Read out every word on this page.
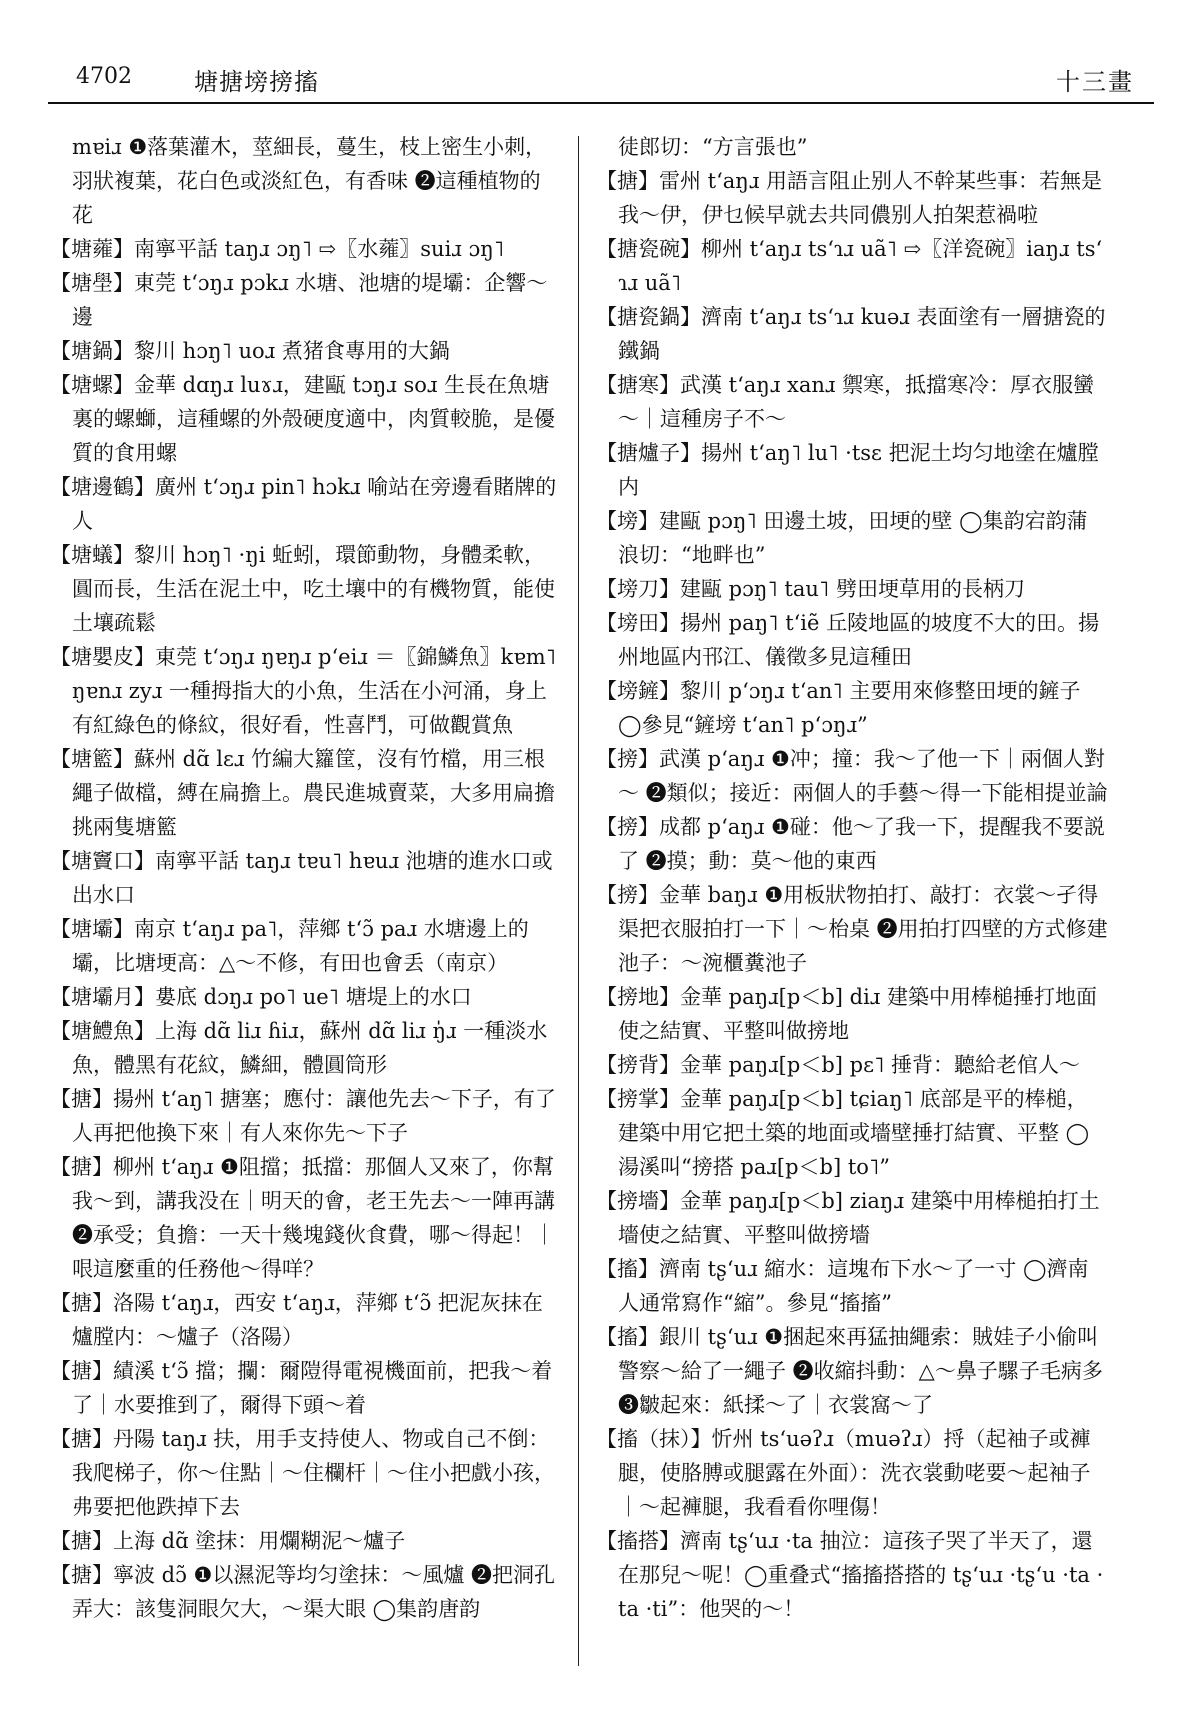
4702	塘搪塝搒搐	十三畫

mɐiɹ ❶落葉灌木，莖細長，蔓生，枝上密生小刺，羽狀複葉，花白色或淡紅色，有香味 ❷這種植物的花

【塘蕹】南寧平話 taŋɹ ɔŋ˥ ⇨〖水蕹〗suiɹ ɔŋ˥

【塘壆】東莞 tʻɔŋɹ pɔkɹ 水塘、池塘的堤壩：企響～邊

【塘鍋】黎川 hɔŋ˥ uoɹ 煮猪食專用的大鍋

【塘螺】金華 dɑŋɹ luɤɹ，建甌 tɔŋɹ soɹ 生長在魚塘裏的螺螄，這種螺的外殼硬度適中，肉質較脆，是優質的食用螺

【塘邊鶴】廣州 tʻɔŋɹ pin˥ hɔkɹ 喻站在旁邊看賭牌的人

【塘蟻】黎川 hɔŋ˥ ·ŋi 蚯蚓，環節動物，身體柔軟，圓而長，生活在泥土中，吃土壤中的有機物質，能使土壤疏鬆

【塘嬰皮】東莞 tʻɔŋɹ ŋɐŋɹ pʻeiɹ ＝〖錦鱗魚〗kɐm˥ ŋɐnɹ zyɹ 一種拇指大的小魚，生活在小河涌，身上有紅綠色的條紋，很好看，性喜鬥，可做觀賞魚

【塘籃】蘇州 dɑ̃ lɛɹ 竹編大籮筐，沒有竹檔，用三根繩子做檔，縛在扁擔上。農民進城賣菜，大多用扁擔挑兩隻塘籃

【塘竇口】南寧平話 taŋɹ tɐu˥ hɐuɹ 池塘的進水口或出水口

【塘壩】南京 tʻaŋɹ pa˥，萍鄉 tʻɔ̃ paɹ 水塘邊上的壩，比塘埂高：△～不修，有田也會丢（南京）

【塘壩月】婁底 dɔŋɹ po˥ ue˥ 塘堤上的水口

【塘鱧魚】上海 dɑ̃ liɹ ɦiɹ，蘇州 dɑ̃ liɹ ŋ̍ɹ 一種淡水魚，體黑有花紋，鱗細，體圓筒形

【搪】揚州 tʻaŋ˥ 搪塞；應付：讓他先去～下子，有了人再把他換下來｜有人來你先～下子

【搪】柳州 tʻaŋɹ ❶阻擋；抵擋：那個人又來了，你幫我～到，講我没在｜明天的會，老王先去～一陣再講 ❷承受；負擔：一天十幾塊錢伙食費，哪～得起！｜哏這麼重的任務他～得咩？

【搪】洛陽 tʻaŋɹ，西安 tʻaŋɹ，萍鄉 tʻɔ̃ 把泥灰抹在爐膛内：～爐子（洛陽）

【搪】績溪 tʻɔ̃ 擋；攔：爾隑得電視機面前，把我～着了｜水要推到了，爾得下頭～着

【搪】丹陽 taŋɹ 扶，用手支持使人、物或自己不倒：我爬梯子，你～住點｜～住欄杆｜～住小把戲小孩，弗要把他跌掉下去

【搪】上海 dɑ̃ 塗抹：用爛糊泥～爐子

【搪】寧波 dɔ̃ ❶以濕泥等均匀塗抹：～風爐 ❷把洞孔弄大：該隻洞眼欠大，～渠大眼 ◯集韵唐韵

徒郎切：“方言張也”

【搪】雷州 tʻaŋɹ 用語言阻止别人不幹某些事：若無是我～伊，伊乜候早就去共同儂别人拍架惹禍啦

【搪瓷碗】柳州 tʻaŋɹ tsʻɿɹ uã˥ ⇨〖洋瓷碗〗iaŋɹ tsʻɿɹ uã˥

【搪瓷鍋】濟南 tʻaŋɹ tsʻɿɹ kuəɹ 表面塗有一層搪瓷的鐵鍋

【搪寒】武漢 tʻaŋɹ xanɹ 禦寒，抵擋寒冷：厚衣服蠻～｜這種房子不～

【搪爐子】揚州 tʻaŋ˥ lu˥ ·tsɛ 把泥土均匀地塗在爐膛内

【塝】建甌 pɔŋ˥ 田邊土坡，田埂的壁 ◯集韵宕韵蒲浪切：“地畔也”

【塝刀】建甌 pɔŋ˥ tau˥ 劈田埂草用的長柄刀

【塝田】揚州 paŋ˥ tʻiẽ 丘陵地區的坡度不大的田。揚州地區内邗江、儀徵多見這種田

【塝鏟】黎川 pʻɔŋɹ tʻan˥ 主要用來修整田埂的鏟子 ◯參見“鏟塝 tʻan˥ pʻɔŋɹ”

【搒】武漢 pʻaŋɹ ❶冲；撞：我～了他一下｜兩個人對～ ❷類似；接近：兩個人的手藝～得一下能相提並論

【搒】成都 pʻaŋɹ ❶碰：他～了我一下，提醒我不要説了 ❷摸；動：莫～他的東西

【搒】金華 baŋɹ ❶用板狀物拍打、敲打：衣裳～孑得渠把衣服拍打一下｜～枱桌 ❷用拍打四壁的方式修建池子：～涴櫃糞池子

【搒地】金華 paŋɹ[p＜b] diɹ 建築中用棒槌捶打地面使之結實、平整叫做搒地

【搒背】金華 paŋɹ[p＜b] pɛ˥ 捶背：聽給老倌人～

【搒掌】金華 paŋɹ[p＜b] tɕiaŋ˥ 底部是平的棒槌，建築中用它把土築的地面或墻壁捶打結實、平整 ◯湯溪叫“搒搭 paɹ[p＜b] to˥”

【搒墻】金華 paŋɹ[p＜b] ziaŋɹ 建築中用棒槌拍打土墻使之結實、平整叫做搒墻

【搐】濟南 tʂʻuɹ 縮水：這塊布下水～了一寸 ◯濟南人通常寫作“縮”。參見“搐搐”

【搐】銀川 tʂʻuɹ ❶捆起來再猛抽繩索：賊娃子小偷叫警察～給了一繩子 ❷收縮抖動：△～鼻子騾子毛病多 ❸皺起來：紙揉～了｜衣裳窩～了

【搐（抹）】忻州 tsʻuəʔɹ（muəʔɹ）捋（起袖子或褲腿，使胳膊或腿露在外面）：洗衣裳動咾要～起袖子｜～起褲腿，我看看你哩傷！

【搐搭】濟南 tʂʻuɹ ·ta 抽泣：這孩子哭了半天了，還在那兒～呢！◯重叠式“搐搐搭搭的 tʂʻuɹ ·tʂʻu ·ta ·ta ·ti”：他哭的～！
